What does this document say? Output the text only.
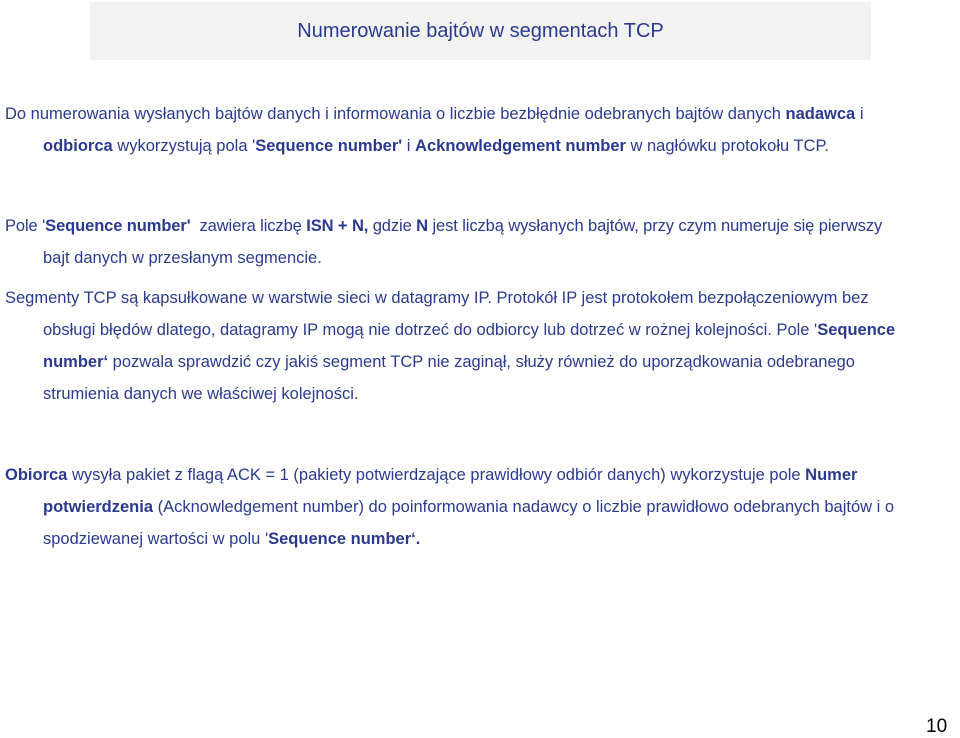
Numerowanie bajtów w segmentach TCP
Do numerowania wysłanych bajtów danych i informowania o liczbie bezbłędnie odebranych bajtów danych nadawca i
odbiorca wykorzystują pola 'Sequence number' i Acknowledgement number w nagłówku protokołu TCP.
Pole 'Sequence number'  zawiera liczbę ISN + N, gdzie N jest liczbą wysłanych bajtów, przy czym numeruje się pierwszy
bajt danych w przesłanym segmencie.
Segmenty TCP są kapsułkowane w warstwie sieci w datagramy IP. Protokół IP jest protokołem bezpołączeniowym bez
obsługi błędów dlatego, datagramy IP mogą nie dotrzeć do odbiorcy lub dotrzeć w rożnej kolejności. Pole 'Sequence
number‘ pozwala sprawdzić czy jakiś segment TCP nie zaginął, służy również do uporządkowania odebranego
strumienia danych we właściwej kolejności.
Obiorca wysyła pakiet z flagą ACK = 1 (pakiety potwierdzające prawidłowy odbiór danych) wykorzystuje pole Numer
potwierdzenia (Acknowledgement number) do poinformowania nadawcy o liczbie prawidłowo odebranych bajtów i o
spodziewanej wartości w polu 'Sequence number‘.
10
